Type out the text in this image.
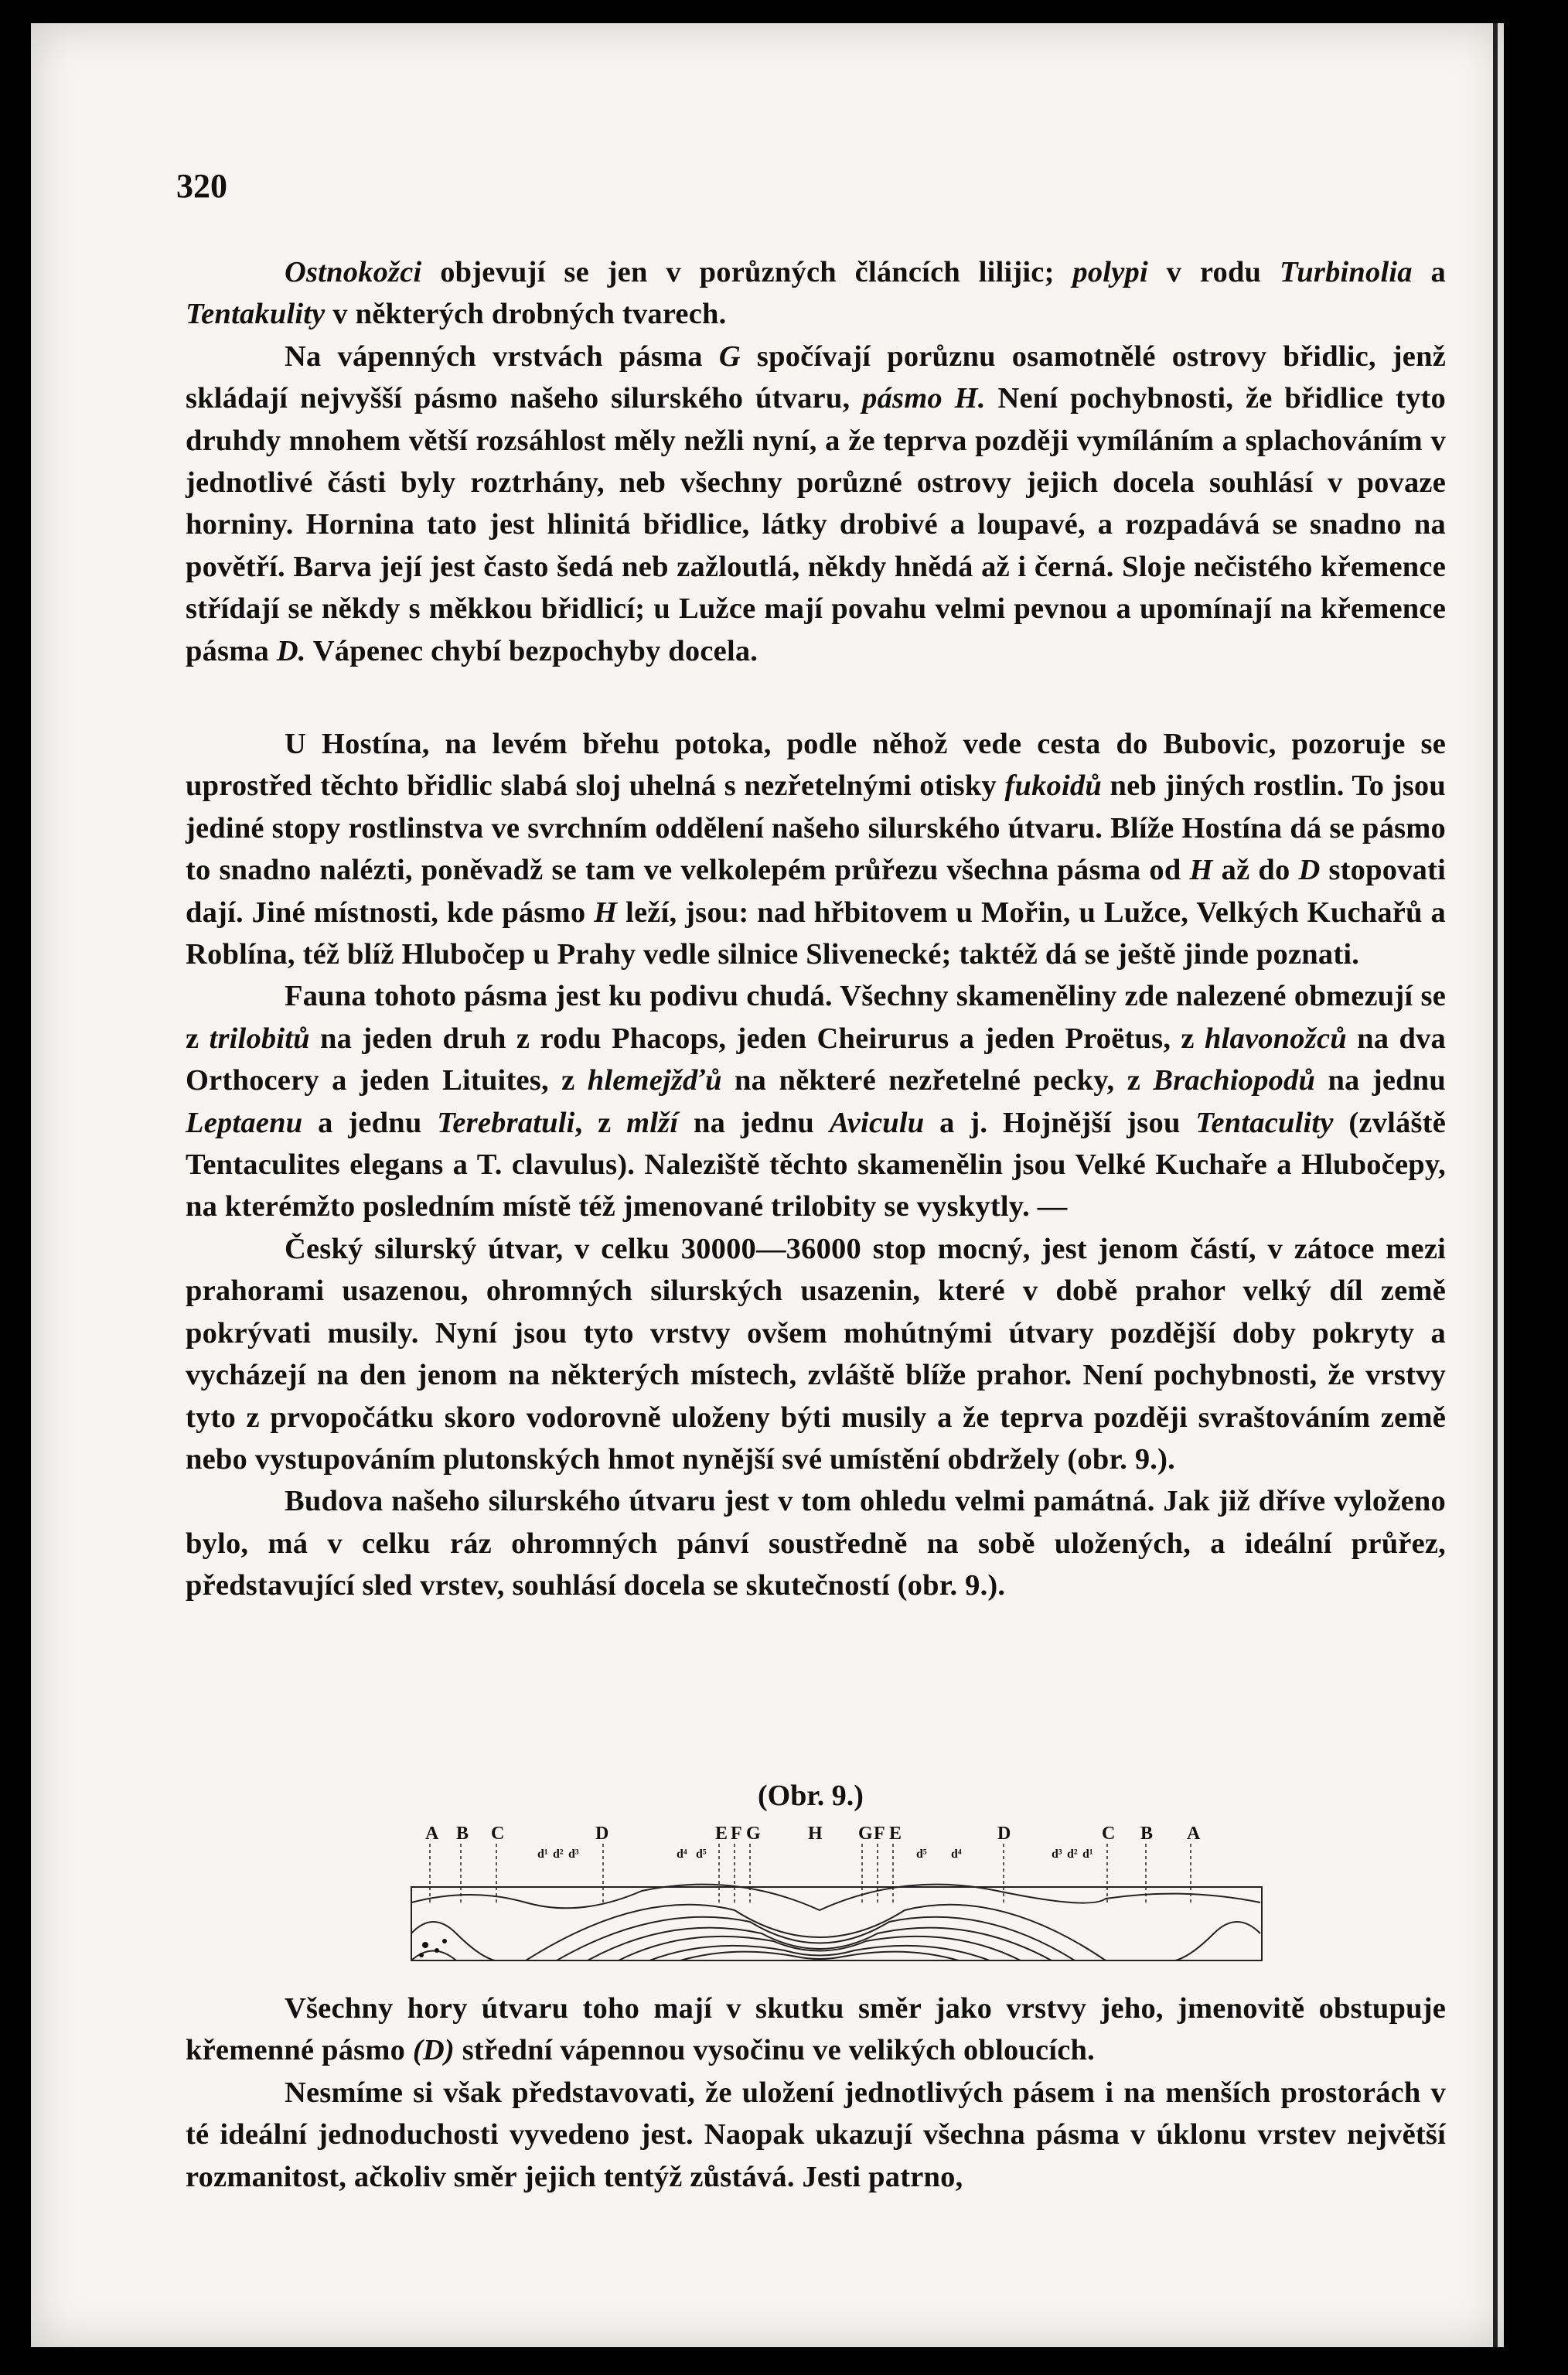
320

Ostnokožci objevují se jen v porůzných článcích lilijic; polypi v rodu Turbinolia a Tentakulity v některých drobných tvarech.

Na vápenných vrstvách pásma G spočívají porůznu osamotnělé ostrovy břidlic, jenž skládají nejvyšší pásmo našeho silurského útvaru, pásmo H. Není pochybnosti, že břidlice tyto druhdy mnohem větší rozsáhlost měly nežli nyní, a že teprva později vymíláním a splachováním v jednotlivé části byly roztrhány, neb všechny porůzné ostrovy jejich docela souhlásí v povaze horniny. Hornina tato jest hlinitá břidlice, látky drobivé a loupavé, a rozpadává se snadno na povětří. Barva její jest často šedá neb zažloutlá, někdy hnědá až i černá. Sloje nečistého křemence střídají se někdy s měkkou břidlicí; u Lužce mají povahu velmi pevnou a upomínají na křemence pásma D. Vápenec chybí bezpochyby docela.

U Hostína, na levém břehu potoka, podle něhož vede cesta do Bubovic, pozoruje se uprostřed těchto břidlic slabá sloj uhelná s nezřetelnými otisky fukoidů neb jiných rostlin. To jsou jediné stopy rostlinstva ve svrchním oddělení našeho silurského útvaru. Blíže Hostína dá se pásmo to snadno nalézti, poněvadž se tam ve velkolepém průřezu všechna pásma od H až do D stopovati dají. Jiné místnosti, kde pásmo H leží, jsou: nad hřbitovem u Mořin, u Lužce, Velkých Kuchařů a Roblína, též blíž Hlubočep u Prahy vedle silnice Slivenecké; taktéž dá se ještě jinde poznati.

Fauna tohoto pásma jest ku podivu chudá. Všechny skameněliny zde nalezené obmezují se z trilobitů na jeden druh z rodu Phacops, jeden Cheirurus a jeden Proëtus, z hlavonožců na dva Orthocery a jeden Lituites, z hlemejžďů na některé nezřetelné pecky, z Brachiopodů na jednu Leptaenu a jednu Terebratuli, z mlží na jednu Aviculu a j. Hojnější jsou Tentaculity (zvláště Tentaculites elegans a T. clavulus). Naleziště těchto skamenělin jsou Velké Kuchaře a Hlubočepy, na kterémžto posledním místě též jmenované trilobity se vyskytly. —

Český silurský útvar, v celku 30000—36000 stop mocný, jest jenom částí, v zátoce mezi prahorami usazenou, ohromných silurských usazenin, které v době prahor velký díl země pokrývati musily. Nyní jsou tyto vrstvy ovšem mohútnými útvary pozdější doby pokryty a vycházejí na den jenom na některých místech, zvláště blíže prahor. Není pochybnosti, že vrstvy tyto z prvopočátku skoro vodorovně uloženy býti musily a že teprva později svraštováním země nebo vystupováním plutonských hmot nynější své umístění obdržely (obr. 9.).

Budova našeho silurského útvaru jest v tom ohledu velmi památná. Jak již dříve vyloženo bylo, má v celku ráz ohromných pánví soustředně na sobě uložených, a ideální průřez, představující sled vrstev, souhlásí docela se skutečností (obr. 9.).

(Obr. 9.)
A B C	D	E F G	H G F E	D	C B A
d¹ d² d³	d⁴ d⁵	d⁵ d⁴	d³ d² d¹

Všechny hory útvaru toho mají v skutku směr jako vrstvy jeho, jmenovitě obstupuje křemenné pásmo (D) střední vápennou vysočinu ve velikých obloucích.

Nesmíme si však představovati, že uložení jednotlivých pásem i na menších prostorách v té ideální jednoduchosti vyvedeno jest. Naopak ukazují všechna pásma v úklonu vrstev největší rozmanitost, ačkoliv směr jejich tentýž zůstává. Jesti patrno,
